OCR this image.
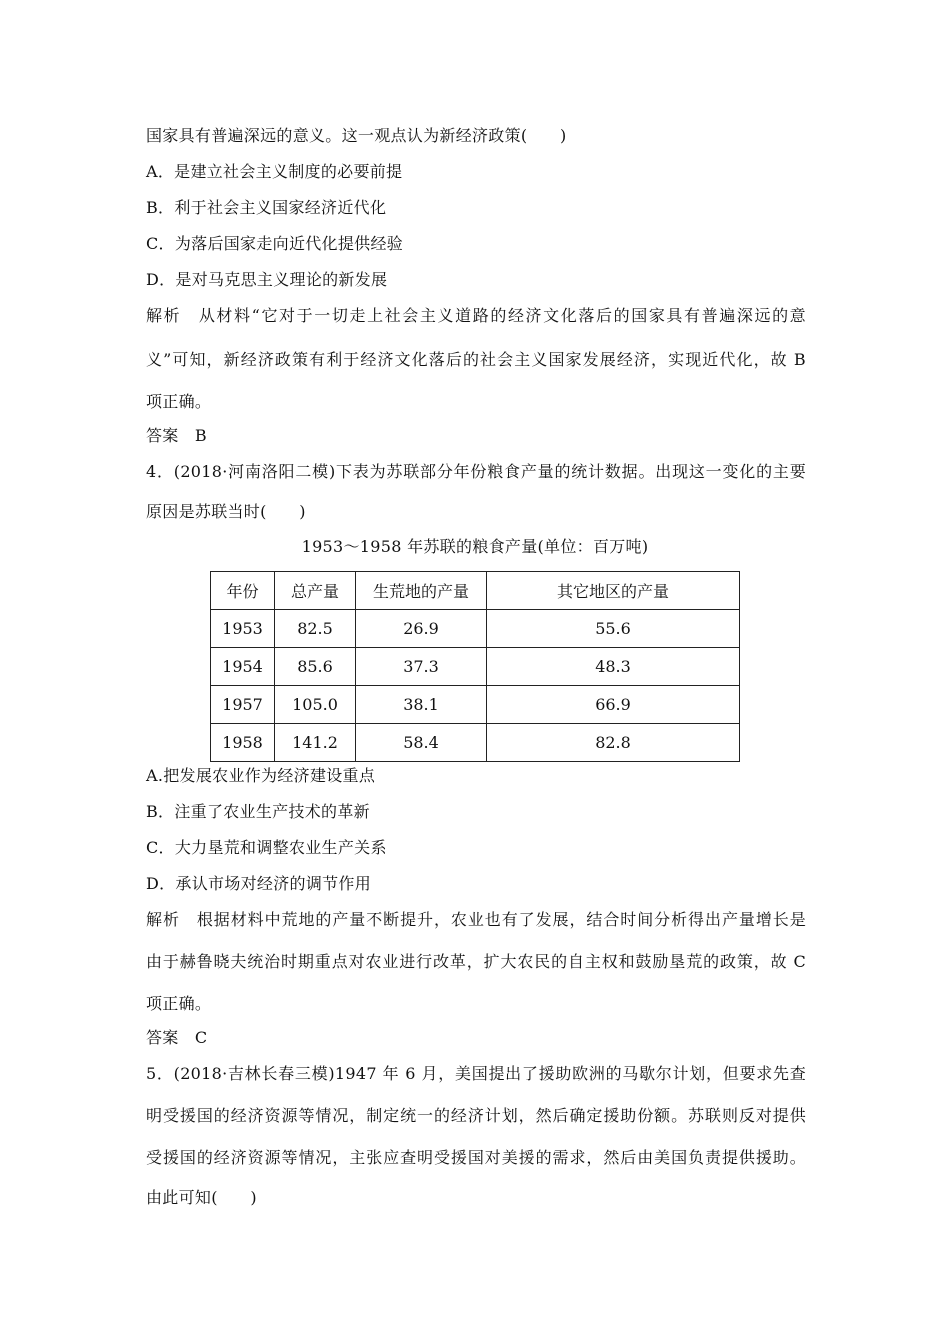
国家具有普遍深远的意义。这一观点认为新经济政策(　　)
A．是建立社会主义制度的必要前提
B．利于社会主义国家经济近代化
C．为落后国家走向近代化提供经验
D．是对马克思主义理论的新发展
解析　从材料“它对于一切走上社会主义道路的经济文化落后的国家具有普遍深远的意
义”可知，新经济政策有利于经济文化落后的社会主义国家发展经济，实现近代化，故 B
项正确。
答案　B
4．(2018·河南洛阳二模)下表为苏联部分年份粮食产量的统计数据。出现这一变化的主要
原因是苏联当时(　　)
1953～1958 年苏联的粮食产量(单位：百万吨)
年份	总产量	生荒地的产量	其它地区的产量
1953	82.5	26.9	55.6
1954	85.6	37.3	48.3
1957	105.0	38.1	66.9
1958	141.2	58.4	82.8
A.把发展农业作为经济建设重点
B．注重了农业生产技术的革新
C．大力垦荒和调整农业生产关系
D．承认市场对经济的调节作用
解析　根据材料中荒地的产量不断提升，农业也有了发展，结合时间分析得出产量增长是
由于赫鲁晓夫统治时期重点对农业进行改革，扩大农民的自主权和鼓励垦荒的政策，故 C
项正确。
答案　C
5．(2018·吉林长春三模)1947 年 6 月，美国提出了援助欧洲的马歇尔计划，但要求先查
明受援国的经济资源等情况，制定统一的经济计划，然后确定援助份额。苏联则反对提供
受援国的经济资源等情况，主张应查明受援国对美援的需求，然后由美国负责提供援助。
由此可知(　　)
